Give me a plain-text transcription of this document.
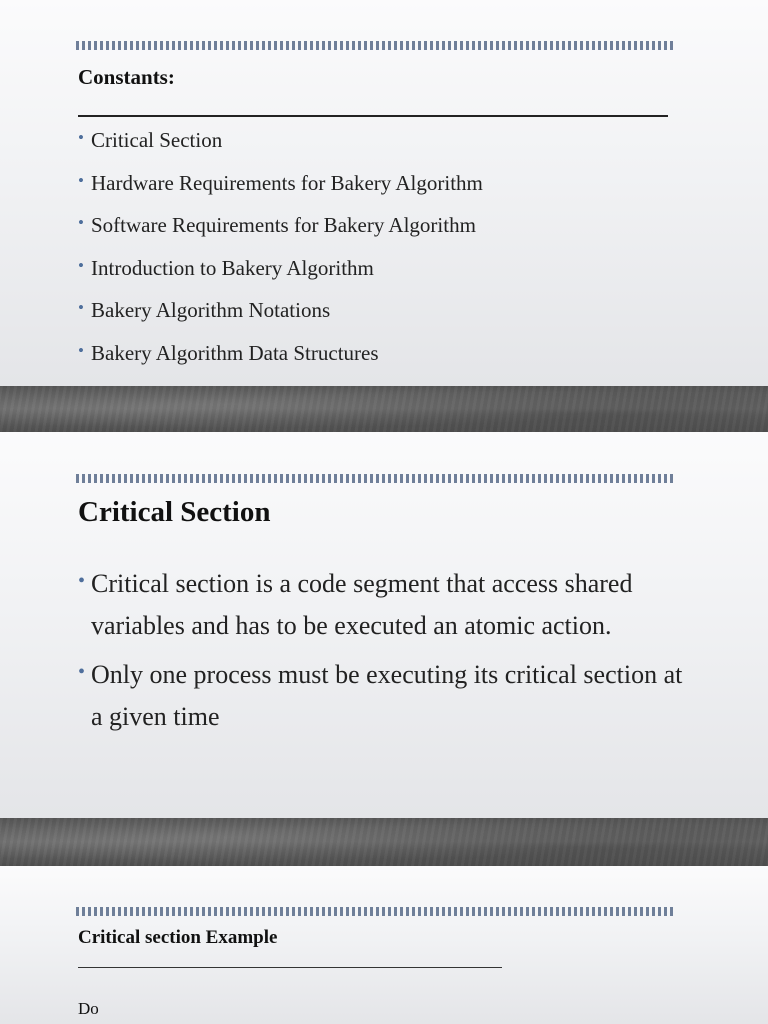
Constants:
• Critical Section
• Hardware Requirements for Bakery Algorithm
• Software Requirements for Bakery Algorithm
• Introduction to Bakery Algorithm
• Bakery Algorithm Notations
• Bakery Algorithm Data Structures
Critical Section
• Critical section is a code segment that access shared variables and has to be executed an atomic action.
• Only one process must be executing its critical section at a given time
Critical section Example
Do
